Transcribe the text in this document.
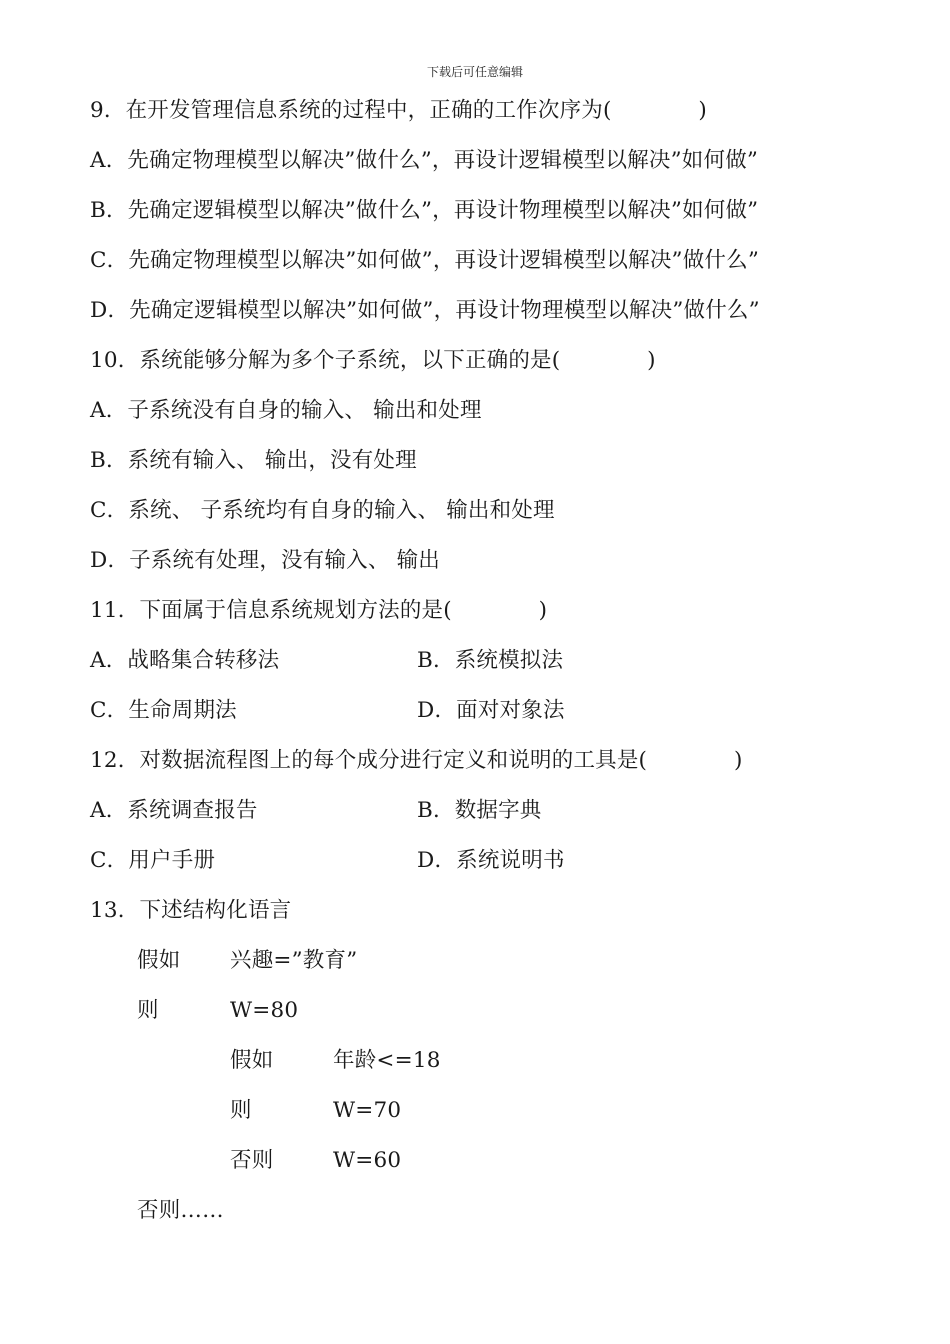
下载后可任意编辑
9．在开发管理信息系统的过程中，正确的工作次序为(　　　　)
A．先确定物理模型以解决”做什么”，再设计逻辑模型以解决”如何做”
B．先确定逻辑模型以解决”做什么”，再设计物理模型以解决”如何做”
C．先确定物理模型以解决”如何做”，再设计逻辑模型以解决”做什么”
D．先确定逻辑模型以解决”如何做”，再设计物理模型以解决”做什么”
10．系统能够分解为多个子系统，以下正确的是(　　　　)
A．子系统没有自身的输入、 输出和处理
B．系统有输入、 输出，没有处理
C．系统、 子系统均有自身的输入、 输出和处理
D．子系统有处理，没有输入、 输出
11．下面属于信息系统规划方法的是(　　　　)
A．战略集合转移法	B．系统模拟法
C．生命周期法	D．面对对象法
12．对数据流程图上的每个成分进行定义和说明的工具是(　　　　)
A．系统调查报告	B．数据字典
C．用户手册	D．系统说明书
13．下述结构化语言
假如 兴趣=”教育”
则	W=80
假如	年龄<=18
则	W=70
否则	W=60
否则……
